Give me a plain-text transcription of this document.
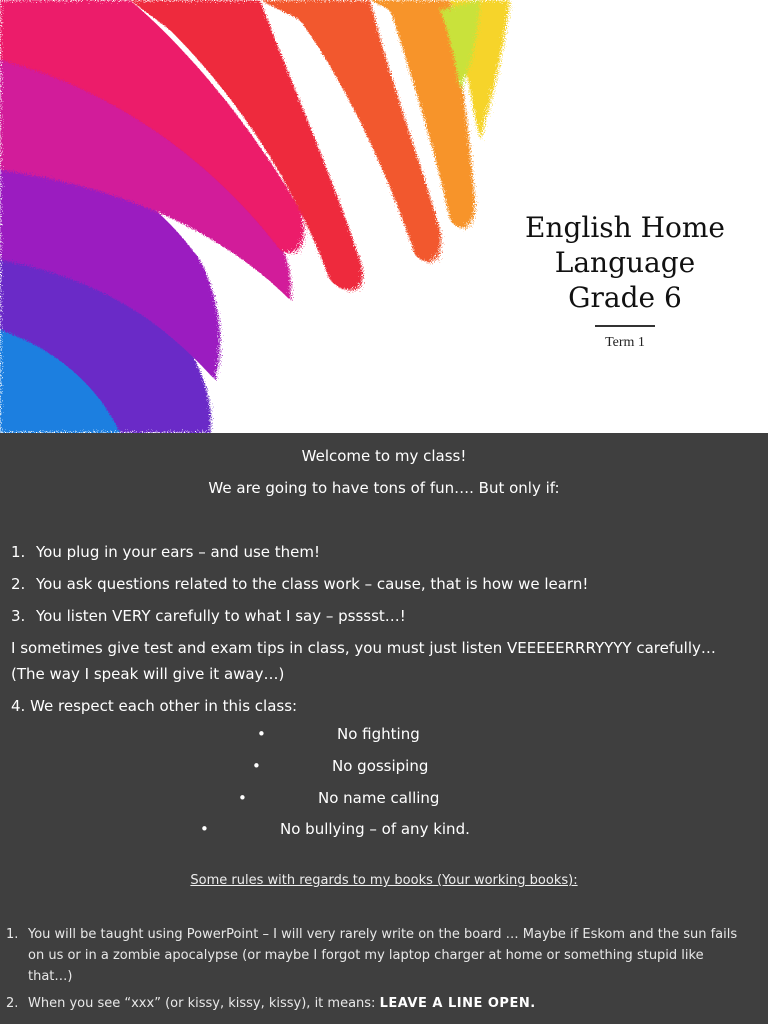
English Home
Language
Grade 6
Term 1
Welcome to my class!
We are going to have tons of fun…. But only if:
1. You plug in your ears – and use them!
2. You ask questions related to the class work – cause, that is how we learn!
3. You listen VERY carefully to what I say – psssst…!
I sometimes give test and exam tips in class, you must just listen VEEEEERRRYYYY carefully… (The way I speak will give it away…)
4. We respect each other in this class:
•	No fighting
•	No gossiping
•	No name calling
•	No bullying – of any kind.
Some rules with regards to my books (Your working books):
1. You will be taught using PowerPoint – I will very rarely write on the board … Maybe if Eskom and the sun fails on us or in a zombie apocalypse (or maybe I forgot my laptop charger at home or something stupid like that…)
2. When you see “xxx” (or kissy, kissy, kissy), it means: LEAVE A LINE OPEN.
